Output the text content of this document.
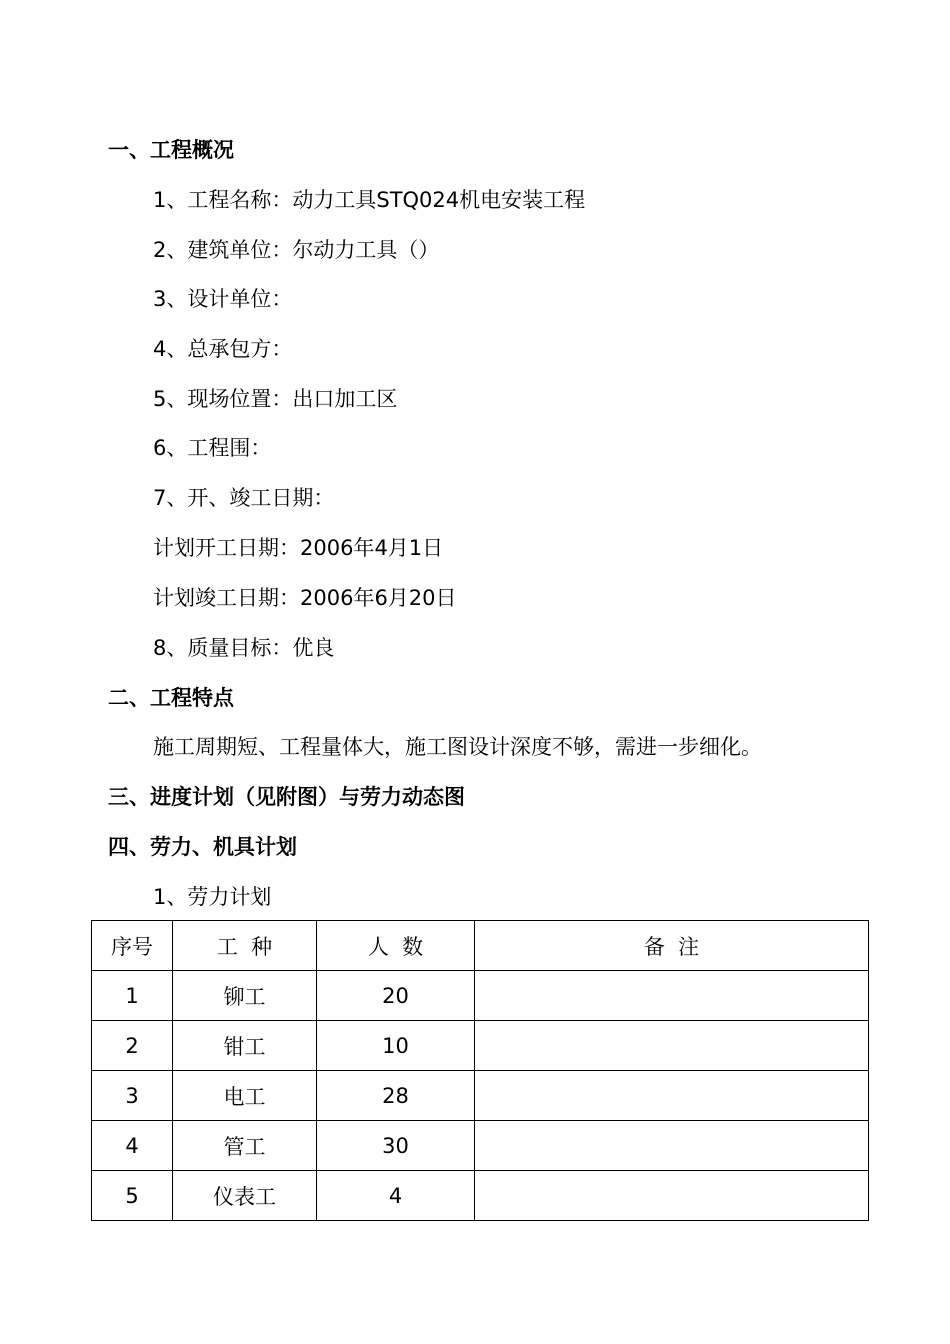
一、工程概况
1、工程名称：动力工具STQ024机电安装工程
2、建筑单位：尔动力工具（）
3、设计单位：
4、总承包方：
5、现场位置：出口加工区
6、工程围：
7、开、竣工日期：
计划开工日期：2006年4月1日
计划竣工日期：2006年6月20日
8、质量目标：优良
二、工程特点
施工周期短、工程量体大，施工图设计深度不够，需进一步细化。
三、进度计划（见附图）与劳力动态图
四、劳力、机具计划
1、劳力计划
序号	工  种	人  数	备  注
1	铆工	20	
2	钳工	10	
3	电工	28	
4	管工	30	
5	仪表工	4	
